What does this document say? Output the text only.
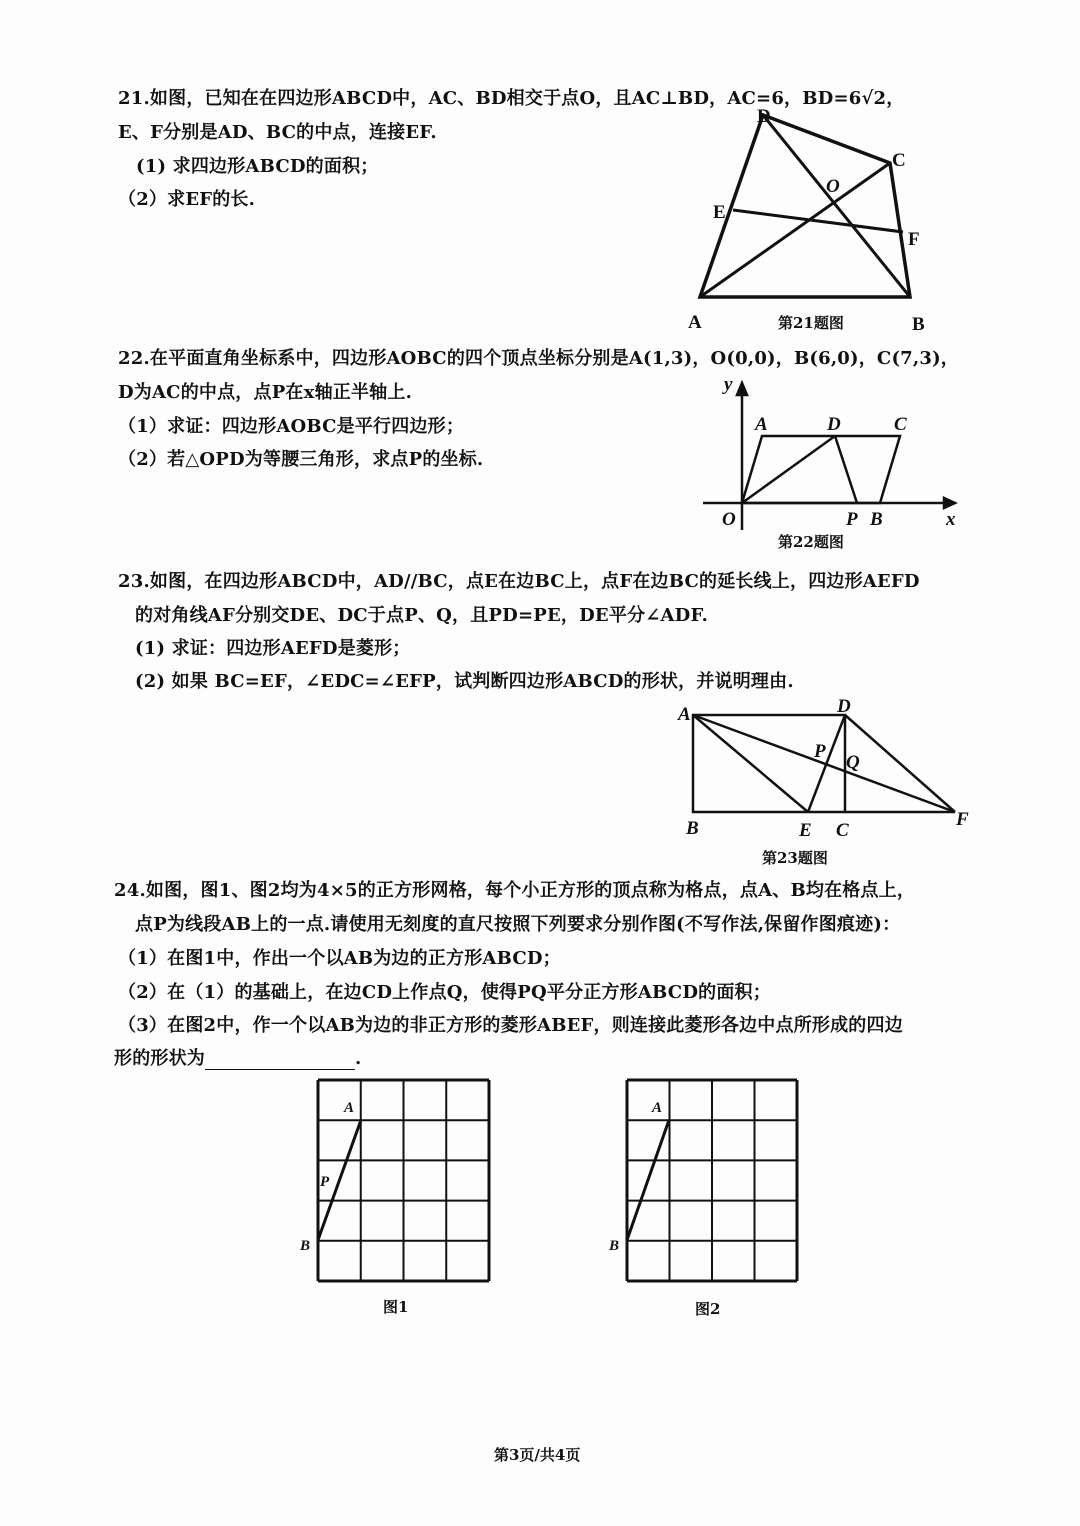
21.如图，已知在在四边形ABCD中，AC、BD相交于点O，且AC⊥BD，AC=6，BD=6√2，
E、F分别是AD、BC的中点，连接EF.
(1) 求四边形ABCD的面积；
（2）求EF的长.
第21题图
22.在平面直角坐标系中，四边形AOBC的四个顶点坐标分别是A(1,3)，O(0,0)，B(6,0)，C(7,3)，
D为AC的中点，点P在x轴正半轴上.
（1）求证：四边形AOBC是平行四边形；
（2）若△OPD为等腰三角形，求点P的坐标.
第22题图
23.如图，在四边形ABCD中，AD//BC，点E在边BC上，点F在边BC的延长线上，四边形AEFD
的对角线AF分别交DE、DC于点P、Q，且PD=PE，DE平分∠ADF.
(1) 求证：四边形AEFD是菱形；
(2) 如果 BC=EF，∠EDC=∠EFP，试判断四边形ABCD的形状，并说明理由.
第23题图
24.如图，图1、图2均为4×5的正方形网格，每个小正方形的顶点称为格点，点A、B均在格点上，
点P为线段AB上的一点.请使用无刻度的直尺按照下列要求分别作图(不写作法,保留作图痕迹)：
（1）在图1中，作出一个以AB为边的正方形ABCD；
（2）在（1）的基础上，在边CD上作点Q，使得PQ平分正方形ABCD的面积；
（3）在图2中，作一个以AB为边的非正方形的菱形ABEF，则连接此菱形各边中点所形成的四边
形的形状为	.
图1	图2
第3页/共4页
D
C
O
E
F
A	B
y
A	D	C
O	P B	x
A	D
P
Q
B	E C
F
A
P
B
A
B
